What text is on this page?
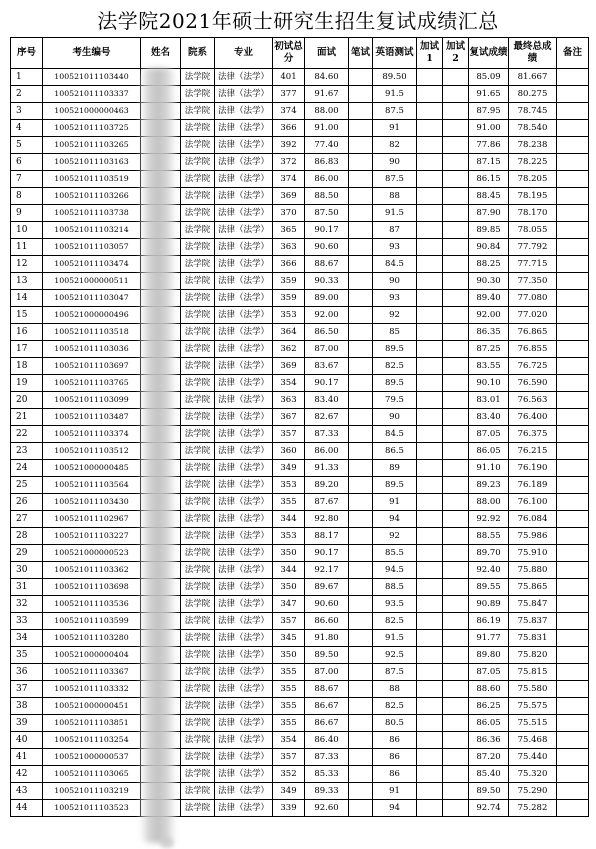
法学院2021年硕士研究生招生复试成绩汇总
序号	考生编号	姓名	院系	专业	初试总分	面试	笔试	英语测试	加试1	加试2	复试成绩	最终总成绩	备注
1	100521011103440		法学院	法律（法学）	401	84.60		89.50			85.09	81.667	
2	100521011103337		法学院	法律（法学）	377	91.67		91.5			91.65	80.275	
3	100521000000463		法学院	法律（法学）	374	88.00		87.5			87.95	78.745	
4	100521011103725		法学院	法律（法学）	366	91.00		91			91.00	78.540	
5	100521011103265		法学院	法律（法学）	392	77.40		82			77.86	78.238	
6	100521011103163		法学院	法律（法学）	372	86.83		90			87.15	78.225	
7	100521011103519		法学院	法律（法学）	374	86.00		87.5			86.15	78.205	
8	100521011103266		法学院	法律（法学）	369	88.50		88			88.45	78.195	
9	100521011103738		法学院	法律（法学）	370	87.50		91.5			87.90	78.170	
10	100521011103214		法学院	法律（法学）	365	90.17		87			89.85	78.055	
11	100521011103057		法学院	法律（法学）	363	90.60		93			90.84	77.792	
12	100521011103474		法学院	法律（法学）	366	88.67		84.5			88.25	77.715	
13	100521000000511		法学院	法律（法学）	359	90.33		90			90.30	77.350	
14	100521011103047		法学院	法律（法学）	359	89.00		93			89.40	77.080	
15	100521000000496		法学院	法律（法学）	353	92.00		92			92.00	77.020	
16	100521011103518		法学院	法律（法学）	364	86.50		85			86.35	76.865	
17	100521011103036		法学院	法律（法学）	362	87.00		89.5			87.25	76.855	
18	100521011103697		法学院	法律（法学）	369	83.67		82.5			83.55	76.725	
19	100521011103765		法学院	法律（法学）	354	90.17		89.5			90.10	76.590	
20	100521011103099		法学院	法律（法学）	363	83.40		79.5			83.01	76.563	
21	100521011103487		法学院	法律（法学）	367	82.67		90			83.40	76.400	
22	100521011103374		法学院	法律（法学）	357	87.33		84.5			87.05	76.375	
23	100521011103512		法学院	法律（法学）	360	86.00		86.5			86.05	76.215	
24	100521000000485		法学院	法律（法学）	349	91.33		89			91.10	76.190	
25	100521011103564		法学院	法律（法学）	353	89.20		89.5			89.23	76.189	
26	100521011103430		法学院	法律（法学）	355	87.67		91			88.00	76.100	
27	100521011102967		法学院	法律（法学）	344	92.80		94			92.92	76.084	
28	100521011103227		法学院	法律（法学）	353	88.17		92			88.55	75.986	
29	100521000000523		法学院	法律（法学）	350	90.17		85.5			89.70	75.910	
30	100521011103362		法学院	法律（法学）	344	92.17		94.5			92.40	75.880	
31	100521011103698		法学院	法律（法学）	350	89.67		88.5			89.55	75.865	
32	100521011103536		法学院	法律（法学）	347	90.60		93.5			90.89	75.847	
33	100521011103599		法学院	法律（法学）	357	86.60		82.5			86.19	75.837	
34	100521011103280		法学院	法律（法学）	345	91.80		91.5			91.77	75.831	
35	100521000000404		法学院	法律（法学）	350	89.50		92.5			89.80	75.820	
36	100521011103367		法学院	法律（法学）	355	87.00		87.5			87.05	75.815	
37	100521011103332		法学院	法律（法学）	355	88.67		88			88.60	75.580	
38	100521000000451		法学院	法律（法学）	355	86.67		82.5			86.25	75.575	
39	100521011103851		法学院	法律（法学）	355	86.67		80.5			86.05	75.515	
40	100521011103254		法学院	法律（法学）	354	86.40		86			86.36	75.468	
41	100521000000537		法学院	法律（法学）	357	87.33		86			87.20	75.440	
42	100521011103065		法学院	法律（法学）	352	85.33		86			85.40	75.320	
43	100521011103219		法学院	法律（法学）	349	89.33		91			89.50	75.290	
44	100521011103523		法学院	法律（法学）	339	92.60		94			92.74	75.282	
